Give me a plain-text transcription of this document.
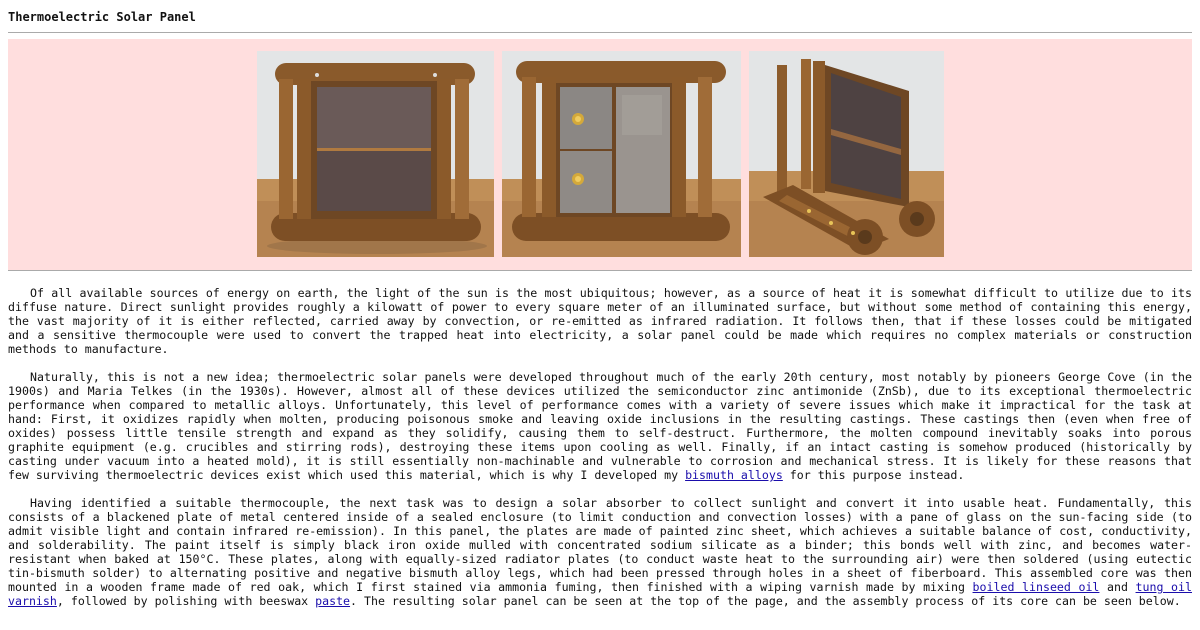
Thermoelectric Solar Panel

Of all available sources of energy on earth, the light of the sun is the most ubiquitous; however, as a source of heat it is somewhat difficult to utilize due to its diffuse nature. Direct sunlight provides roughly a kilowatt of power to every square meter of an illuminated surface, but without some method of containing this energy, the vast majority of it is either reflected, carried away by convection, or re-emitted as infrared radiation. It follows then, that if these losses could be mitigated and a sensitive thermocouple were used to convert the trapped heat into electricity, a solar panel could be made which requires no complex materials or construction methods to manufacture.

Naturally, this is not a new idea; thermoelectric solar panels were developed throughout much of the early 20th century, most notably by pioneers George Cove (in the 1900s) and Maria Telkes (in the 1930s). However, almost all of these devices utilized the semiconductor zinc antimonide (ZnSb), due to its exceptional thermoelectric performance when compared to metallic alloys. Unfortunately, this level of performance comes with a variety of severe issues which make it impractical for the task at hand: First, it oxidizes rapidly when molten, producing poisonous smoke and leaving oxide inclusions in the resulting castings. These castings then (even when free of oxides) possess little tensile strength and expand as they solidify, causing them to self-destruct. Furthermore, the molten compound inevitably soaks into porous graphite equipment (e.g. crucibles and stirring rods), destroying these items upon cooling as well. Finally, if an intact casting is somehow produced (historically by casting under vacuum into a heated mold), it is still essentially non-machinable and vulnerable to corrosion and mechanical stress. It is likely for these reasons that few surviving thermoelectric devices exist which used this material, which is why I developed my bismuth alloys for this purpose instead.

Having identified a suitable thermocouple, the next task was to design a solar absorber to collect sunlight and convert it into usable heat. Fundamentally, this consists of a blackened plate of metal centered inside of a sealed enclosure (to limit conduction and convection losses) with a pane of glass on the sun-facing side (to admit visible light and contain infrared re-emission). In this panel, the plates are made of painted zinc sheet, which achieves a suitable balance of cost, conductivity, and solderability. The paint itself is simply black iron oxide mulled with concentrated sodium silicate as a binder; this bonds well with zinc, and becomes water-resistant when baked at 150°C. These plates, along with equally-sized radiator plates (to conduct waste heat to the surrounding air) were then soldered (using eutectic tin-bismuth solder) to alternating positive and negative bismuth alloy legs, which had been pressed through holes in a sheet of fiberboard. This assembled core was then mounted in a wooden frame made of red oak, which I first stained via ammonia fuming, then finished with a wiping varnish made by mixing boiled linseed oil and tung oil varnish, followed by polishing with beeswax paste. The resulting solar panel can be seen at the top of the page, and the assembly process of its core can be seen below.
